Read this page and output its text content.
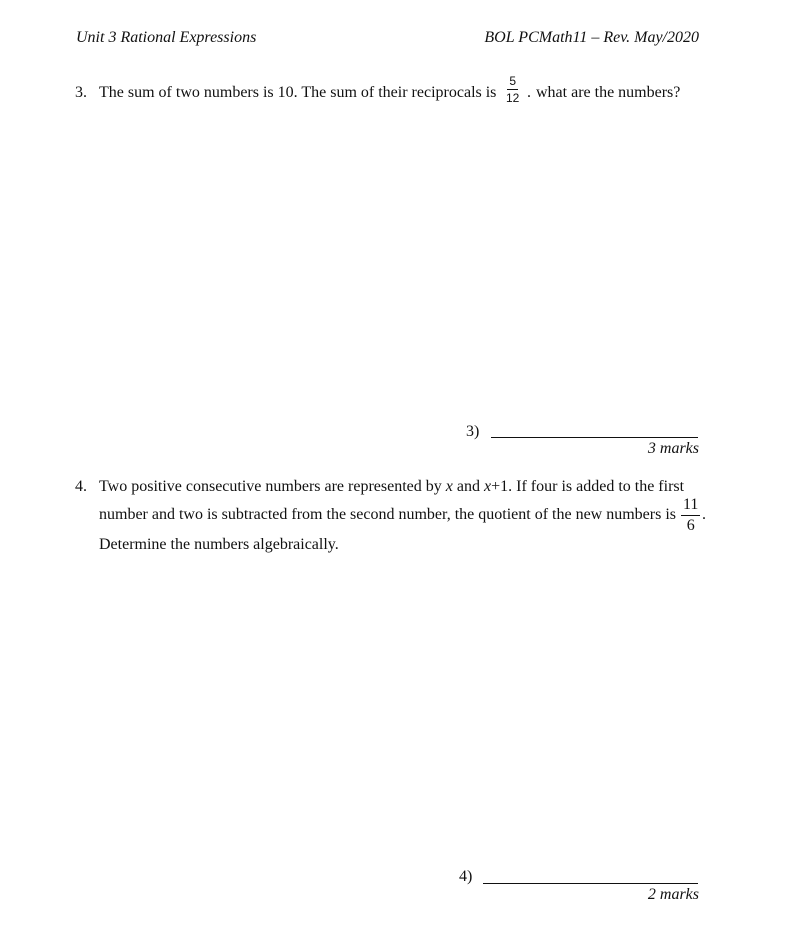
Unit 3 Rational Expressions	BOL PCMath11 – Rev. May/2020
3. The sum of two numbers is 10. The sum of their reciprocals is $\frac{5}{12}$ . what are the numbers?
3)
3 marks
4. Two positive consecutive numbers are represented by x and x+1. If four is added to the first
number and two is subtracted from the second number, the quotient of the new numbers is $\frac{11}{6}$ .
Determine the numbers algebraically.
4)
2 marks
